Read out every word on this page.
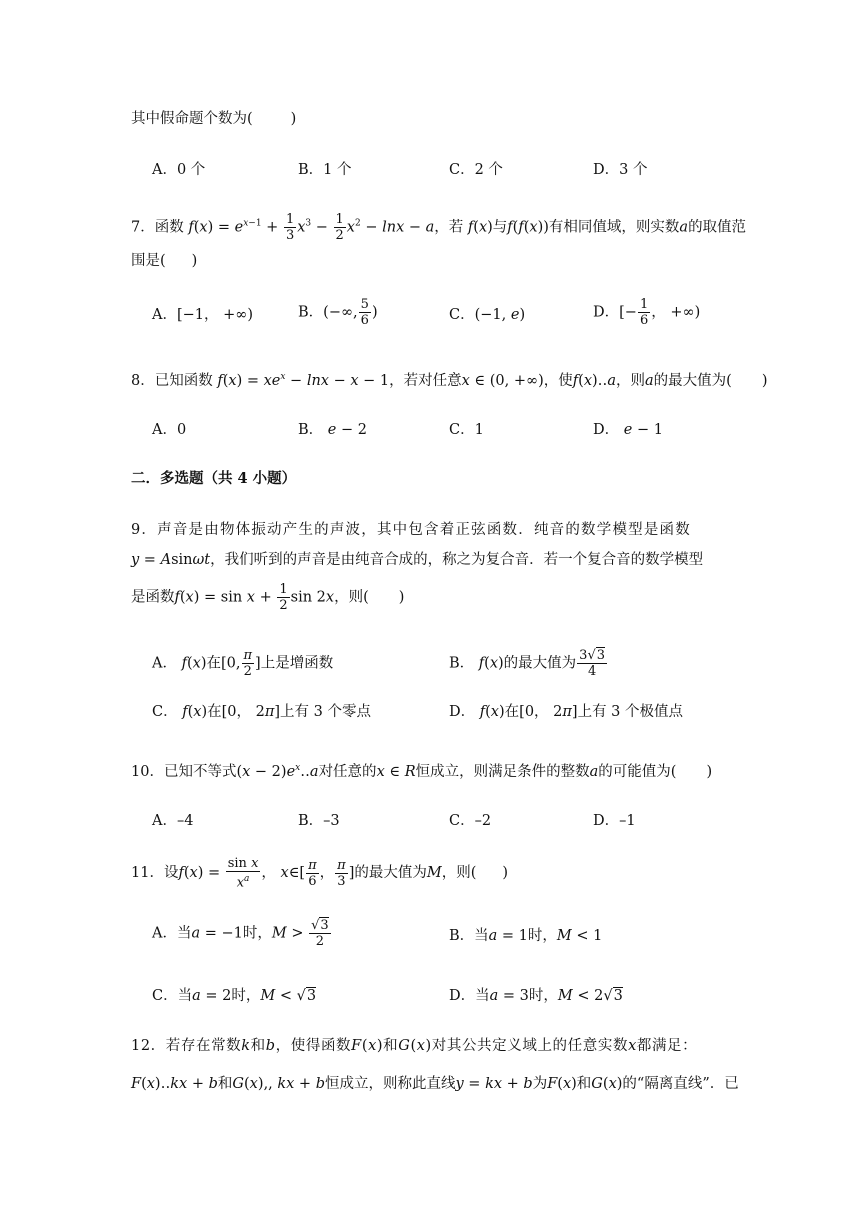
其中假命题个数为(	)
A．0 个	B．1 个	C．2 个	D．3 个
7．函数 $f(x) = e^{x-1} + \frac{1}{3} x^3 - \frac{1}{2} x^2 - \ln x - a$，若 f(x)与f(f(x))有相同值域，则实数a的取值范
围是( )
A．[−1， +∞)	B．(−∞, $\frac{5}{6}$ )	C．(−1, e)	D．[− $\frac{1}{6}$ ， +∞)
8．已知函数 $f(x) = xe^x - \ln x - x - 1$，若对任意x ∈ (0, +∞)，使f(x)‥a，则a的最大值为( )
A．0	B． e − 2	C．1	D． e − 1
二．多选题（共 4 小题）
9．声音是由物体振动产生的声波，其中包含着正弦函数．纯音的数学模型是函数
y = Asinωt，我们听到的声音是由纯音合成的，称之为复合音．若一个复合音的数学模型
是函数$f(x) = \sin x + \frac{1}{2}$ sin 2x，则( )
A． f(x)在[0, $\frac{\pi}{2}$ ]上是增函数	B． f(x)的最大值为 $\frac{3√3}{4}$
C． f(x)在[0， 2π]上有 3 个零点	D． f(x)在[0， 2π]上有 3 个极值点
10．已知不等式$(x - 2)e^x‥a$对任意的x ∈ R恒成立，则满足条件的整数a的可能值为( )
A．–4	B．–3	C．–2	D．–1
11．设$f(x) = \frac{\text{sin x}}{x^a}$ ， x∈[ $\frac{\pi}{6}$ ， $\frac{\pi}{3}$ ]的最大值为M，则( )
A．当a = −1时，$M > \frac{√3}{2}$	B．当a = 1时，M < 1
C．当a = 2时，M < √3	D．当a = 3时，M < 2√3
12．若存在常数k和b，使得函数F(x)和G(x)对其公共定义域上的任意实数x都满足：
F(x)‥kx + b和G(x)‚, kx + b恒成立，则称此直线y = kx + b为F(x)和G(x)的“隔离直线”．已
